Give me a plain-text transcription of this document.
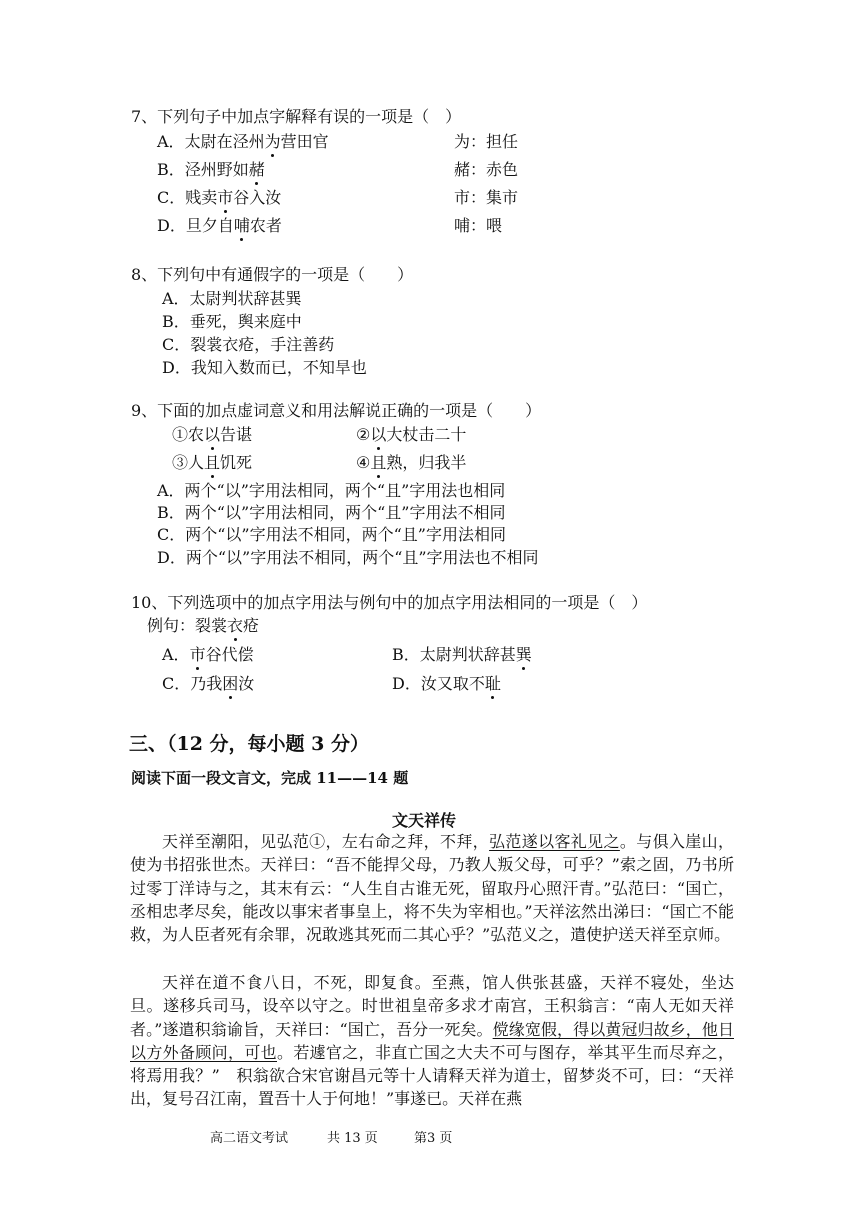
7、下列句子中加点字解释有误的一项是（　）
A．太尉在泾州为营田官	为：担任
B．泾州野如赭	赭：赤色
C．贱卖市谷入汝	市：集市
D．旦夕自哺农者	哺：喂
8、下列句中有通假字的一项是（　　）
A．太尉判状辞甚巽
B．垂死，舆来庭中
C．裂裳衣疮，手注善药
D．我知入数而已，不知旱也
9、下面的加点虚词意义和用法解说正确的一项是（　　）
①农以告谌	②以大杖击二十
③人且饥死	④且熟，归我半
A．两个“以”字用法相同，两个“且”字用法也相同
B．两个“以”字用法相同，两个“且”字用法不相同
C．两个“以”字用法不相同，两个“且”字用法相同
D．两个“以”字用法不相同，两个“且”字用法也不相同
10、下列选项中的加点字用法与例句中的加点字用法相同的一项是（　）
例句：裂裳衣疮
A．市谷代偿	B．太尉判状辞甚巽
C．乃我困汝	D．汝又取不耻
三、（12 分，每小题 3 分）
阅读下面一段文言文，完成 11——14 题
文天祥传
天祥至潮阳，见弘范①，左右命之拜，不拜，弘范遂以客礼见之。与俱入崖山，使为书招张世杰。天祥曰：“吾不能捍父母，乃教人叛父母，可乎？”索之固，乃书所过零丁洋诗与之，其末有云：“人生自古谁无死，留取丹心照汗青。”弘范曰：“国亡，丞相忠孝尽矣，能改以事宋者事皇上，将不失为宰相也。”天祥泫然出涕曰：“国亡不能救，为人臣者死有余罪，况敢逃其死而二其心乎？”弘范义之，遣使护送天祥至京师。
天祥在道不食八日，不死，即复食。至燕，馆人供张甚盛，天祥不寝处，坐达旦。遂移兵司马，设卒以守之。时世祖皇帝多求才南宫，王积翁言：“南人无如天祥者。”遂遣积翁谕旨，天祥曰：“国亡，吾分一死矣。傥缘宽假，得以黄冠归故乡，他日以方外备顾问，可也。若遽官之，非直亡国之大夫不可与图存，举其平生而尽弃之，将焉用我？”　积翁欲合宋官谢昌元等十人请释天祥为道士，留梦炎不可，曰：“天祥出，复号召江南，置吾十人于何地！”事遂已。天祥在燕
高二语文考试	共 13 页	第3 页
